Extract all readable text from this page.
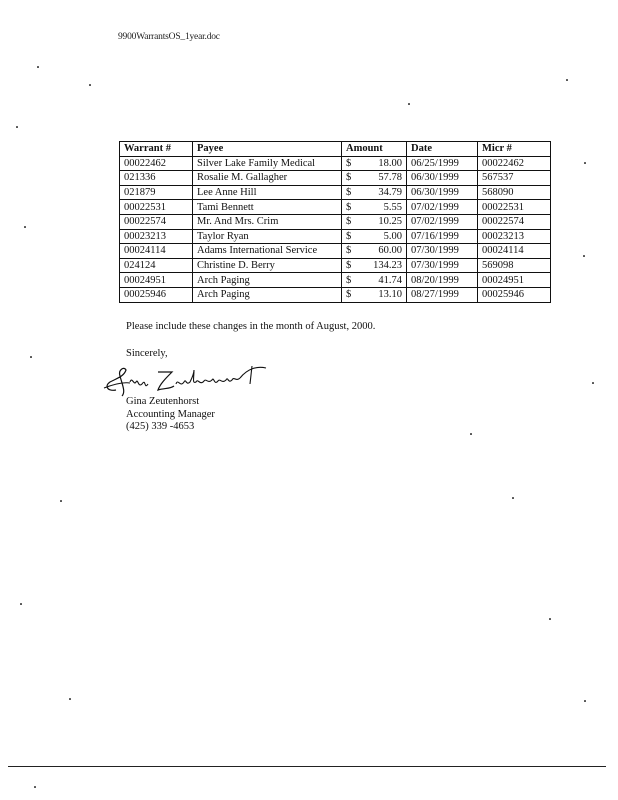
9900WarrantsOS_1year.doc
Warrant #	Payee	Amount	Date	Micr #
00022462	Silver Lake Family Medical	$ 18.00	06/25/1999	00022462
021336	Rosalie M. Gallagher	$ 57.78	06/30/1999	567537
021879	Lee Anne Hill	$ 34.79	06/30/1999	568090
00022531	Tami Bennett	$ 5.55	07/02/1999	00022531
00022574	Mr. And Mrs. Crim	$ 10.25	07/02/1999	00022574
00023213	Taylor Ryan	$ 5.00	07/16/1999	00023213
00024114	Adams International Service	$ 60.00	07/30/1999	00024114
024124	Christine D. Berry	$ 134.23	07/30/1999	569098
00024951	Arch Paging	$ 41.74	08/20/1999	00024951
00025946	Arch Paging	$ 13.10	08/27/1999	00025946
Please include these changes in the month of August, 2000.
Sincerely,
Gina Zeutenhorst
Accounting Manager
(425) 339 -4653
